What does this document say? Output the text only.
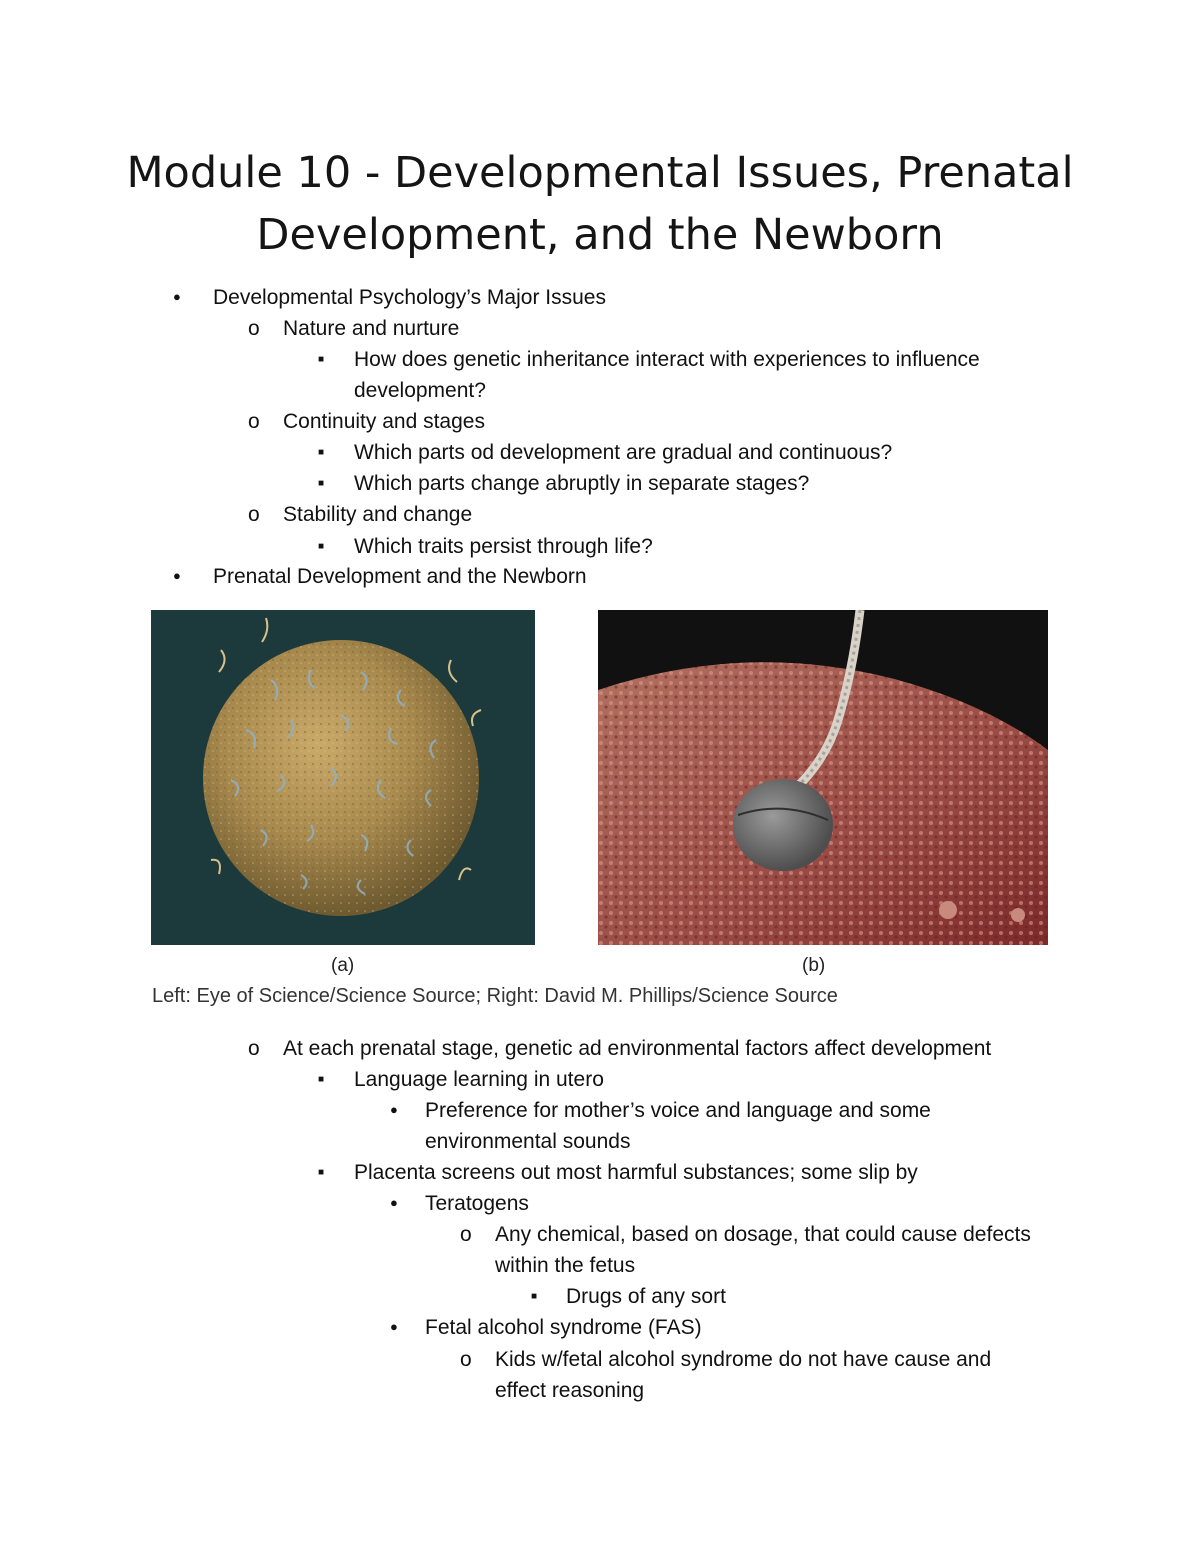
Module 10 - Developmental Issues, Prenatal
Development, and the Newborn
●
Developmental Psychology’s Major Issues
o
Nature and nurture
■
How does genetic inheritance interact with experiences to influence
development?
o
Continuity and stages
■
Which parts od development are gradual and continuous?
■
Which parts change abruptly in separate stages?
o
Stability and change
■
Which traits persist through life?
●
Prenatal Development and the Newborn
(a)	(b)
Left: Eye of Science/Science Source; Right: David M. Phillips/Science Source
o
At each prenatal stage, genetic ad environmental factors affect development
■
Language learning in utero
●
Preference for mother’s voice and language and some
environmental sounds
■
Placenta screens out most harmful substances; some slip by
●
Teratogens
o
Any chemical, based on dosage, that could cause defects
within the fetus
■
Drugs of any sort
●
Fetal alcohol syndrome (FAS)
o
Kids w/fetal alcohol syndrome do not have cause and
effect reasoning
